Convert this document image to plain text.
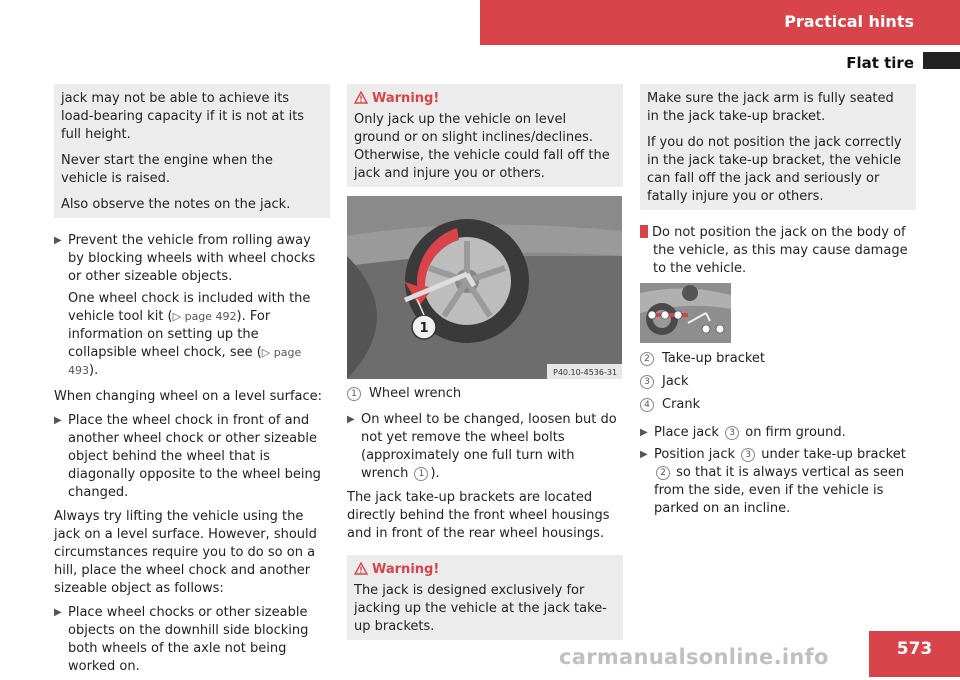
Practical hints
Flat tire

jack may not be able to achieve its load-bearing capacity if it is not at its full height.

Never start the engine when the vehicle is raised.

Also observe the notes on the jack.

▶ Prevent the vehicle from rolling away by blocking wheels with wheel chocks or other sizeable objects.
One wheel chock is included with the vehicle tool kit (▷ page 492). For information on setting up the collapsible wheel chock, see (▷ page 493).

When changing wheel on a level surface:

▶ Place the wheel chock in front of and another wheel chock or other sizeable object behind the wheel that is diagonally opposite to the wheel being changed.

Always try lifting the vehicle using the jack on a level surface. However, should circumstances require you to do so on a hill, place the wheel chock and another sizeable object as follows:

▶ Place wheel chocks or other sizeable objects on the downhill side blocking both wheels of the axle not being worked on.
Warning!

Only jack up the vehicle on level ground or on slight inclines/declines. Otherwise, the vehicle could fall off the jack and injure you or others.

1
P40.10-4536-31

1 Wheel wrench

▶ On wheel to be changed, loosen but do not yet remove the wheel bolts (approximately one full turn with wrench 1 ).

The jack take-up brackets are located directly behind the front wheel housings and in front of the rear wheel housings.

Warning!

The jack is designed exclusively for jacking up the vehicle at the jack take-up brackets.

Make sure the jack arm is fully seated in the jack take-up bracket.

If you do not position the jack correctly in the jack take-up bracket, the vehicle can fall off the jack and seriously or fatally injure you or others.

! Do not position the jack on the body of the vehicle, as this may cause damage to the vehicle.

2 Take-up bracket

3 Jack

4 Crank

▶ Place jack 3 on firm ground.
▶ Position jack 3 under take-up bracket 2 so that it is always vertical as seen from the side, even if the vehicle is parked on an incline.
573
carmanualsonline.info
